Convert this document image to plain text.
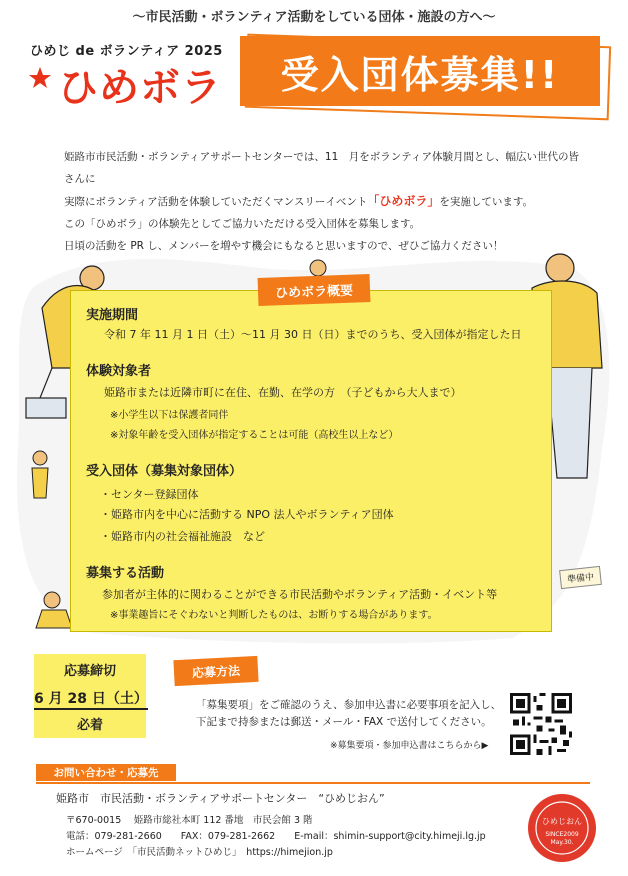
〜市民活動・ボランティア活動をしている団体・施設の方へ〜
ひめじ de ボランティア 2025
ひめボラ	受入団体募集!!

姫路市市民活動・ボランティアサポートセンターでは、11　月をボランティア体験月間とし、幅広い世代の皆さんに

実際にボランティア活動を体験していただくマンスリーイベント「ひめボラ」を実施しています。

この「ひめボラ」の体験先としてご協力いただける受入団体を募集します。

日頃の活動を PR し、メンバーを増やす機会にもなると思いますので、ぜひご協力ください！

ひめボラ概要
実施期間
令和 7 年 11 月 1 日（土）〜11 月 30 日（日）までのうち、受入団体が指定した日
体験対象者
姫路市または近隣市町に在住、在勤、在学の方　（子どもから大人まで）
※小学生以下は保護者同伴
※対象年齢を受入団体が指定することは可能（高校生以上など）
受入団体（募集対象団体）
・センター登録団体
・姫路市内を中心に活動する NPO 法人やボランティア団体
・姫路市内の社会福祉施設　など
募集する活動
参加者が主体的に関わることができる市民活動やボランティア活動・イベント等
※事業趣旨にそぐわないと判断したものは、お断りする場合があります。
準備中
応募締切
6 月 28 日（土）
必着
応募方法
「募集要項」をご確認のうえ、参加申込書に必要事項を記入し、
下記まで持参または郵送・メール・FAX で送付してください。
※募集要項・参加申込書はこちらから▶
お問い合わせ・応募先
姫路市　市民活動・ボランティアサポートセンター　“ひめじおん”
〒670-0015　 姫路市総社本町 112 番地　市民会館 3 階
電話：079-281-2660　　FAX：079-281-2662　　E-mail：shimin-support@city.himeji.lg.jp
ホームページ　「市民活動ネットひめじ」　https://himejion.jp
ひめじおん
SINCE2009
May.30.
